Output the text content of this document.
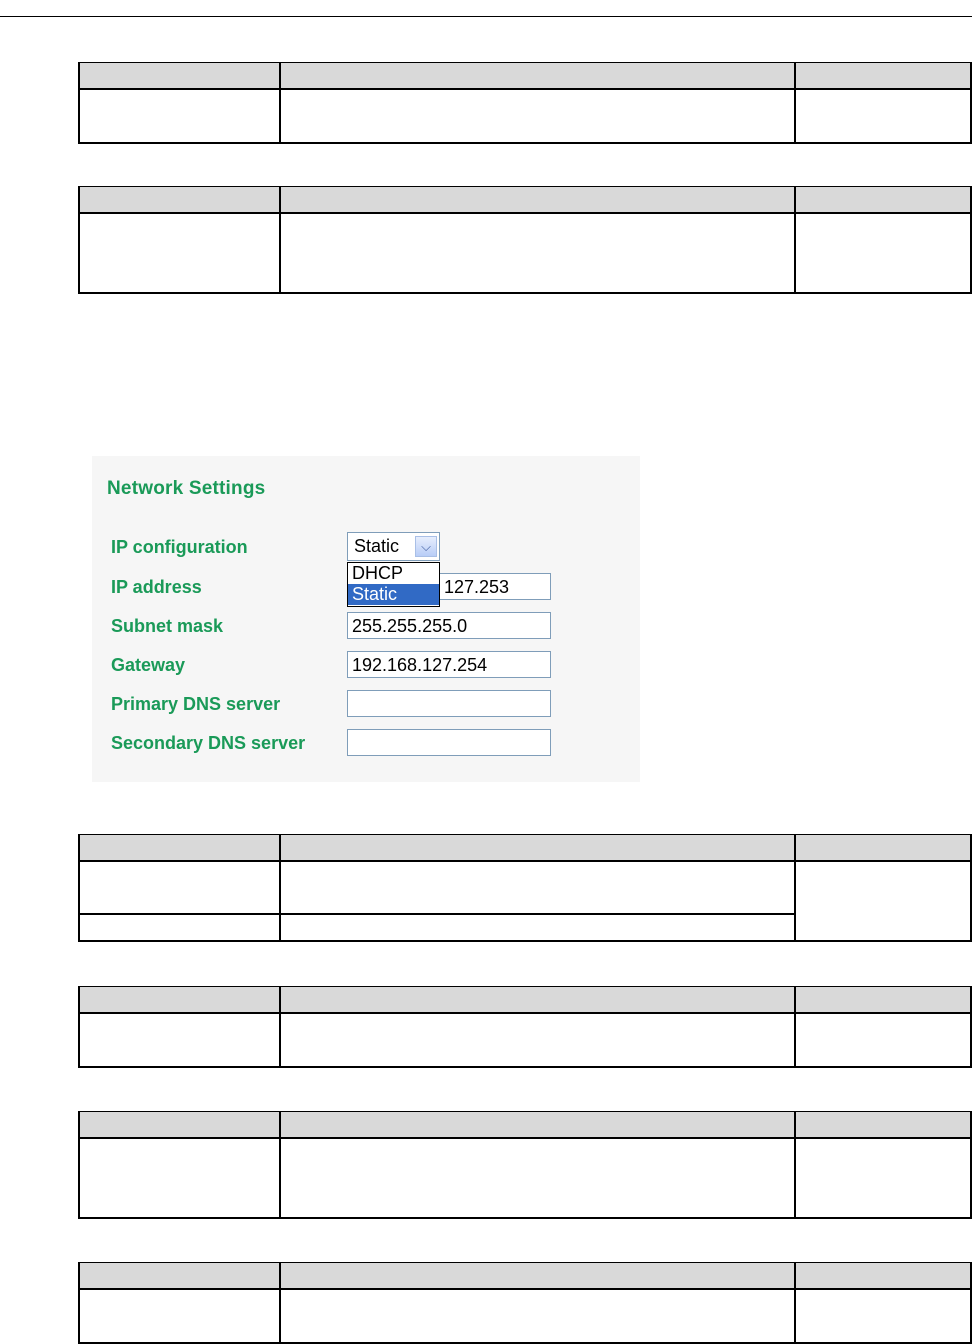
Network Settings
IP configuration	Static	⌵
DHCP
Static
IP address	127.253
Subnet mask	255.255.255.0
Gateway	192.168.127.254
Primary DNS server
Secondary DNS server
